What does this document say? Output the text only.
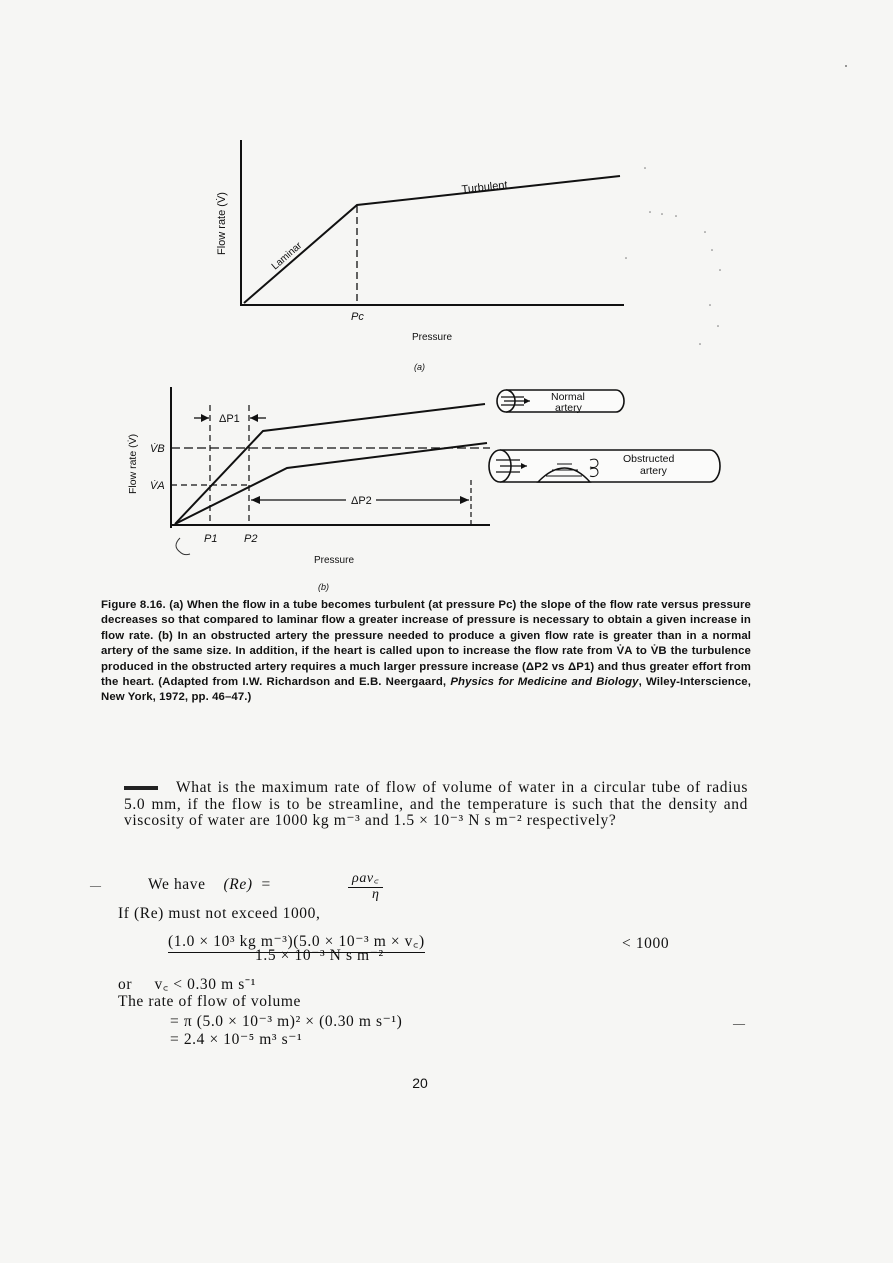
Flow rate (V̇)
Laminar
Turbulent
Pc
Pressure
(a)
ΔP1
ΔP2
Flow rate (V̇) V̇B
V̇A
P1 P2
Pressure
(b)
Normal
artery
Obstructed
artery
Figure 8.16. (a) When the flow in a tube becomes turbulent (at pressure Pc) the slope of the flow rate versus pressure decreases so that compared to laminar flow a greater increase of pressure is necessary to obtain a given increase in flow rate. (b) In an obstructed artery the pressure needed to produce a given flow rate is greater than in a normal artery of the same size. In addition, if the heart is called upon to increase the flow rate from V̇A to V̇B the turbulence produced in the obstructed artery requires a much larger pressure increase (ΔP2 vs ΔP1) and thus greater effort from the heart. (Adapted from I.W. Richardson and E.B. Neergaard, Physics for Medicine and Biology, Wiley-Interscience, New York, 1972, pp. 46–47.)
What is the maximum rate of flow of volume of water in a circular tube of radius 5.0 mm, if the flow is to be streamline, and the temperature is such that the density and viscosity of water are 1000 kg m⁻³ and 1.5 × 10⁻³ N s m⁻² respectively?
We have (Re)  =	ρav꜀
η
If (Re) must not exceed 1000,
(1.0 × 10³ kg m⁻³)(5.0 × 10⁻³ m × v꜀)
1.5 × 10⁻³ N s m⁻²
< 1000
or v꜀ < 0.30 m s⁻¹
The rate of flow of volume
= π (5.0 × 10⁻³ m)² × (0.30 m s⁻¹)
= 2.4 × 10⁻⁵ m³ s⁻¹
—
—
20
